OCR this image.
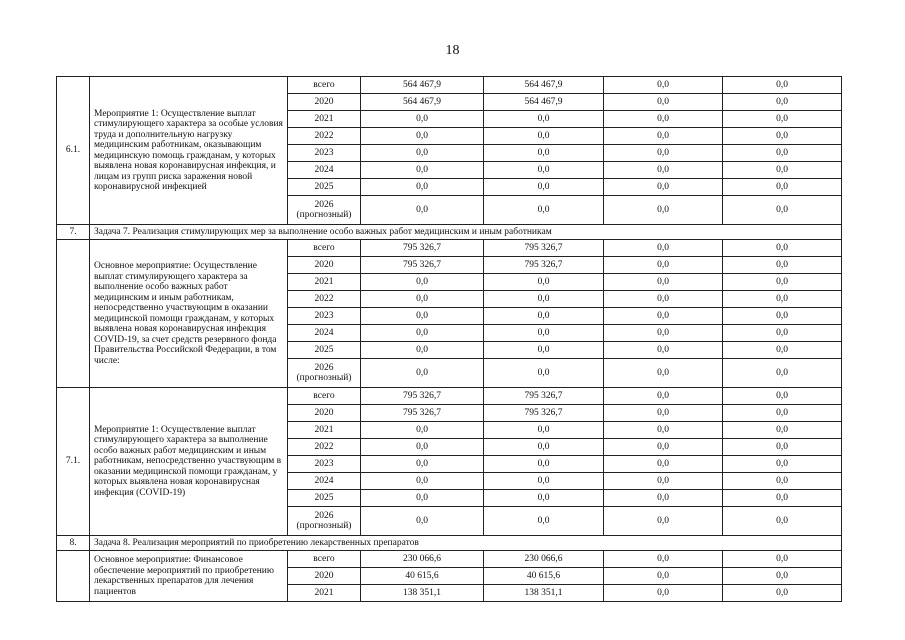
18
6.1.	Мероприятие 1: Осуществление выплат стимулирующего характера за особые условия труда и дополнительную нагрузку медицинским работникам, оказывающим медицинскую помощь гражданам, у которых выявлена новая коронавирусная инфекция, и лицам из групп риска заражения новой коронавирусной инфекцией	всего	564 467,9	564 467,9	0,0	0,0
		2020	564 467,9	564 467,9	0,0	0,0
		2021	0,0	0,0	0,0	0,0
		2022	0,0	0,0	0,0	0,0
		2023	0,0	0,0	0,0	0,0
		2024	0,0	0,0	0,0	0,0
		2025	0,0	0,0	0,0	0,0
		2026 (прогнозный)	0,0	0,0	0,0	0,0
7.	Задача 7. Реализация стимулирующих мер за выполнение особо важных работ медицинским и иным работникам					
	Основное мероприятие: Осуществление выплат стимулирующего характера за выполнение особо важных работ медицинским и иным работникам, непосредственно участвующим в оказании медицинской помощи гражданам, у которых выявлена новая коронавирусная инфекция COVID-19, за счет средств резервного фонда Правительства Российской Федерации, в том числе:	всего	795 326,7	795 326,7	0,0	0,0
		2020	795 326,7	795 326,7	0,0	0,0
		2021	0,0	0,0	0,0	0,0
		2022	0,0	0,0	0,0	0,0
		2023	0,0	0,0	0,0	0,0
		2024	0,0	0,0	0,0	0,0
		2025	0,0	0,0	0,0	0,0
		2026 (прогнозный)	0,0	0,0	0,0	0,0
7.1.	Мероприятие 1: Осуществление выплат стимулирующего характера за выполнение особо важных работ медицинским и иным работникам, непосредственно участвующим в оказании медицинской помощи гражданам, у которых выявлена новая коронавирусная инфекция (COVID-19)	всего	795 326,7	795 326,7	0,0	0,0
		2020	795 326,7	795 326,7	0,0	0,0
		2021	0,0	0,0	0,0	0,0
		2022	0,0	0,0	0,0	0,0
		2023	0,0	0,0	0,0	0,0
		2024	0,0	0,0	0,0	0,0
		2025	0,0	0,0	0,0	0,0
		2026 (прогнозный)	0,0	0,0	0,0	0,0
8.	Задача 8. Реализация мероприятий по приобретению лекарственных препаратов					
	Основное мероприятие: Финансовое обеспечение мероприятий по приобретению лекарственных препаратов для лечения пациентов	всего	230 066,6	230 066,6	0,0	0,0
		2020	40 615,6	40 615,6	0,0	0,0
		2021	138 351,1	138 351,1	0,0	0,0
